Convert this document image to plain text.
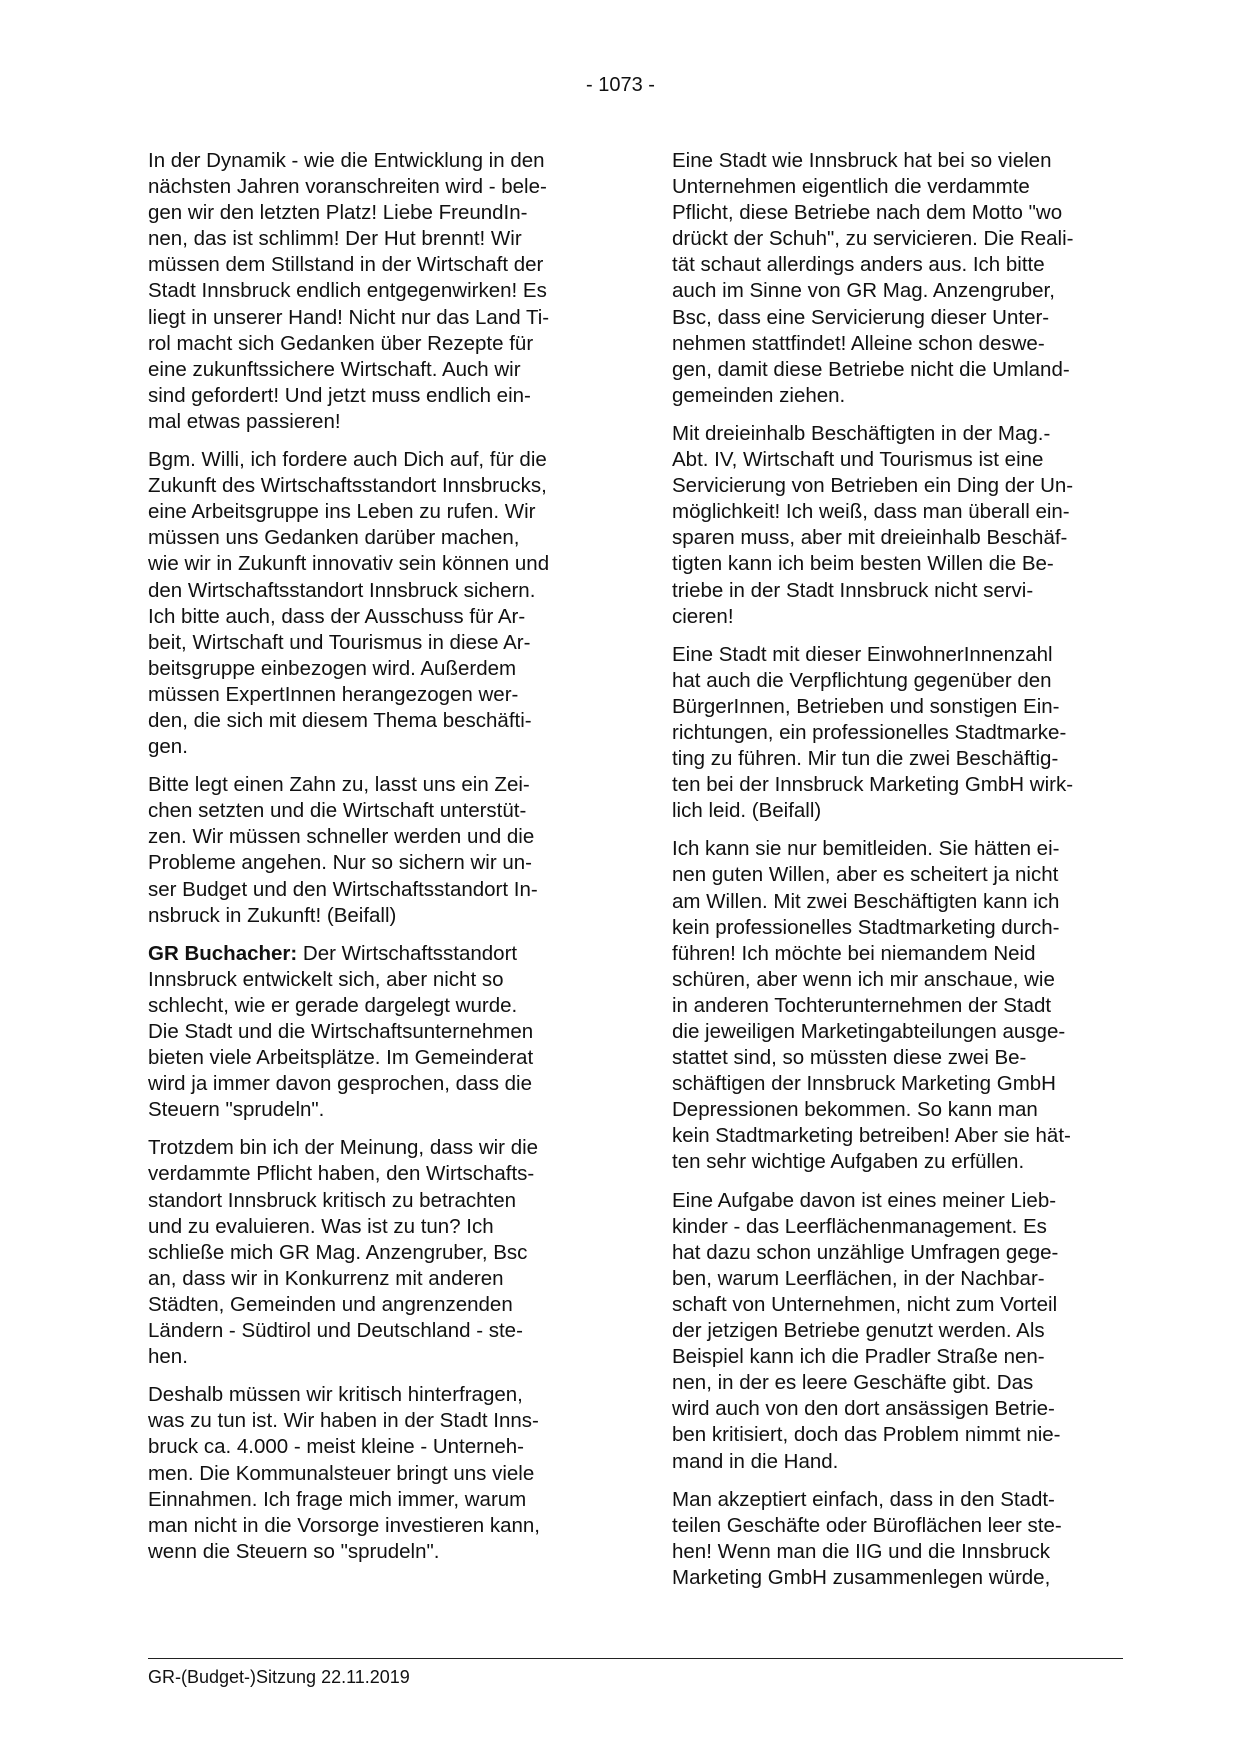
- 1073 -

In der Dynamik - wie die Entwicklung in den
nächsten Jahren voranschreiten wird - bele-
gen wir den letzten Platz! Liebe FreundIn-
nen, das ist schlimm! Der Hut brennt! Wir
müssen dem Stillstand in der Wirtschaft der
Stadt Innsbruck endlich entgegenwirken! Es
liegt in unserer Hand! Nicht nur das Land Ti-
rol macht sich Gedanken über Rezepte für
eine zukunftssichere Wirtschaft. Auch wir
sind gefordert! Und jetzt muss endlich ein-
mal etwas passieren!

Bgm. Willi, ich fordere auch Dich auf, für die
Zukunft des Wirtschaftsstandort Innsbrucks,
eine Arbeitsgruppe ins Leben zu rufen. Wir
müssen uns Gedanken darüber machen,
wie wir in Zukunft innovativ sein können und
den Wirtschaftsstandort Innsbruck sichern.
Ich bitte auch, dass der Ausschuss für Ar-
beit, Wirtschaft und Tourismus in diese Ar-
beitsgruppe einbezogen wird. Außerdem
müssen ExpertInnen herangezogen wer-
den, die sich mit diesem Thema beschäfti-
gen.

Bitte legt einen Zahn zu, lasst uns ein Zei-
chen setzten und die Wirtschaft unterstüt-
zen. Wir müssen schneller werden und die
Probleme angehen. Nur so sichern wir un-
ser Budget und den Wirtschaftsstandort In-
nsbruck in Zukunft! (Beifall)

GR Buchacher: Der Wirtschaftsstandort
Innsbruck entwickelt sich, aber nicht so
schlecht, wie er gerade dargelegt wurde.
Die Stadt und die Wirtschaftsunternehmen
bieten viele Arbeitsplätze. Im Gemeinderat
wird ja immer davon gesprochen, dass die
Steuern "sprudeln".

Trotzdem bin ich der Meinung, dass wir die
verdammte Pflicht haben, den Wirtschafts-
standort Innsbruck kritisch zu betrachten
und zu evaluieren. Was ist zu tun? Ich
schließe mich GR Mag. Anzengruber, Bsc
an, dass wir in Konkurrenz mit anderen
Städten, Gemeinden und angrenzenden
Ländern - Südtirol und Deutschland - ste-
hen.

Deshalb müssen wir kritisch hinterfragen,
was zu tun ist. Wir haben in der Stadt Inns-
bruck ca. 4.000 - meist kleine - Unterneh-
men. Die Kommunalsteuer bringt uns viele
Einnahmen. Ich frage mich immer, warum
man nicht in die Vorsorge investieren kann,
wenn die Steuern so "sprudeln".

Eine Stadt wie Innsbruck hat bei so vielen
Unternehmen eigentlich die verdammte
Pflicht, diese Betriebe nach dem Motto "wo
drückt der Schuh", zu servicieren. Die Reali-
tät schaut allerdings anders aus. Ich bitte
auch im Sinne von GR Mag. Anzengruber,
Bsc, dass eine Servicierung dieser Unter-
nehmen stattfindet! Alleine schon deswe-
gen, damit diese Betriebe nicht die Umland-
gemeinden ziehen.

Mit dreieinhalb Beschäftigten in der Mag.-
Abt. IV, Wirtschaft und Tourismus ist eine
Servicierung von Betrieben ein Ding der Un-
möglichkeit! Ich weiß, dass man überall ein-
sparen muss, aber mit dreieinhalb Beschäf-
tigten kann ich beim besten Willen die Be-
triebe in der Stadt Innsbruck nicht servi-
cieren!

Eine Stadt mit dieser EinwohnerInnenzahl
hat auch die Verpflichtung gegenüber den
BürgerInnen, Betrieben und sonstigen Ein-
richtungen, ein professionelles Stadtmarke-
ting zu führen. Mir tun die zwei Beschäftig-
ten bei der Innsbruck Marketing GmbH wirk-
lich leid. (Beifall)

Ich kann sie nur bemitleiden. Sie hätten ei-
nen guten Willen, aber es scheitert ja nicht
am Willen. Mit zwei Beschäftigten kann ich
kein professionelles Stadtmarketing durch-
führen! Ich möchte bei niemandem Neid
schüren, aber wenn ich mir anschaue, wie
in anderen Tochterunternehmen der Stadt
die jeweiligen Marketingabteilungen ausge-
stattet sind, so müssten diese zwei Be-
schäftigen der Innsbruck Marketing GmbH
Depressionen bekommen. So kann man
kein Stadtmarketing betreiben! Aber sie hät-
ten sehr wichtige Aufgaben zu erfüllen.

Eine Aufgabe davon ist eines meiner Lieb-
kinder - das Leerflächenmanagement. Es
hat dazu schon unzählige Umfragen gege-
ben, warum Leerflächen, in der Nachbar-
schaft von Unternehmen, nicht zum Vorteil
der jetzigen Betriebe genutzt werden. Als
Beispiel kann ich die Pradler Straße nen-
nen, in der es leere Geschäfte gibt. Das
wird auch von den dort ansässigen Betrie-
ben kritisiert, doch das Problem nimmt nie-
mand in die Hand.

Man akzeptiert einfach, dass in den Stadt-
teilen Geschäfte oder Büroflächen leer ste-
hen! Wenn man die IIG und die Innsbruck
Marketing GmbH zusammenlegen würde,

GR-(Budget-)Sitzung 22.11.2019
